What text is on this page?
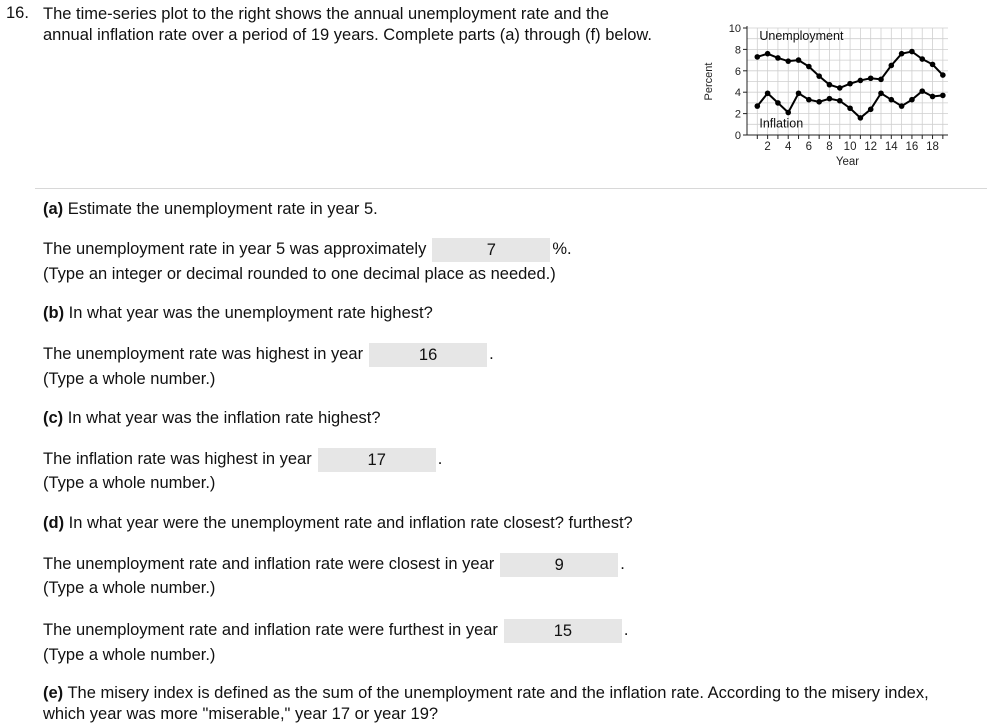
16. The time-series plot to the right shows the annual unemployment rate and the annual inflation rate over a period of 19 years. Complete parts (a) through (f) below.
0
2
4
6
8
10
2 4 6 8 10 12 14 16 18
Year
Percent
Unemployment
Inflation
(a) Estimate the unemployment rate in year 5.
The unemployment rate in year 5 was approximately	7	%.
(Type an integer or decimal rounded to one decimal place as needed.)
(b) In what year was the unemployment rate highest?
The unemployment rate was highest in year	16	.
(Type a whole number.)
(c) In what year was the inflation rate highest?
The inflation rate was highest in year	17	.
(Type a whole number.)
(d) In what year were the unemployment rate and inflation rate closest? furthest?
The unemployment rate and inflation rate were closest in year	9	.
(Type a whole number.)
The unemployment rate and inflation rate were furthest in year	15	.
(Type a whole number.)
(e) The misery index is defined as the sum of the unemployment rate and the inflation rate. According to the misery index,
which year was more "miserable," year 17 or year 19?
